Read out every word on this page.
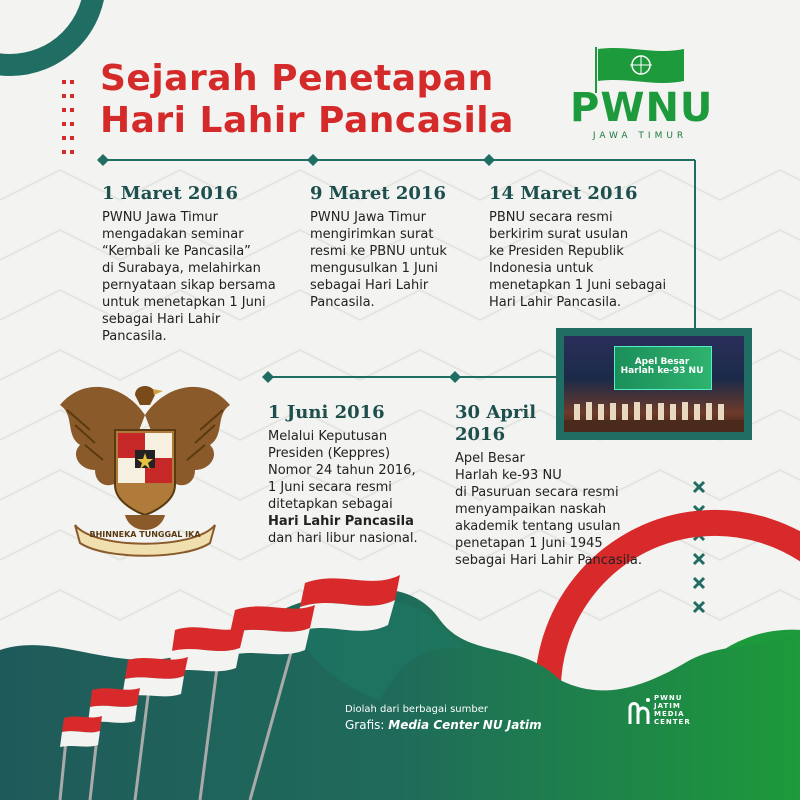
Sejarah Penetapan
Hari Lahir Pancasila PWNU
JAWA TIMUR

1 Maret 2016

PWNU Jawa Timur
mengadakan seminar
“Kembali ke Pancasila”
di Surabaya, melahirkan
pernyataan sikap bersama
untuk menetapkan 1 Juni
sebagai Hari Lahir
Pancasila.

9 Maret 2016

PWNU Jawa Timur
mengirimkan surat
resmi ke PBNU untuk
mengusulkan 1 Juni
sebagai Hari Lahir
Pancasila.

14 Maret 2016

PBNU secara resmi
berkirim surat usulan
ke Presiden Republik
Indonesia untuk
menetapkan 1 Juni sebagai
Hari Lahir Pancasila.

Apel Besar
Harlah ke-93 NU
BHINNEKA TUNGGAL IKA

1 Juni 2016

Melalui Keputusan
Presiden (Keppres)
Nomor 24 tahun 2016,
1 Juni secara resmi
ditetapkan sebagai
Hari Lahir Pancasila
dan hari libur nasional.

30 April
2016

Apel Besar
Harlah ke-93 NU
di Pasuruan secara resmi
menyampaikan naskah
akademik tentang usulan
penetapan 1 Juni 1945
sebagai Hari Lahir Pancasila.

Diolah dari berbagai sumber

Grafis: Media Center NU Jatim

PWNU
JATIM
MEDIA
CENTER
